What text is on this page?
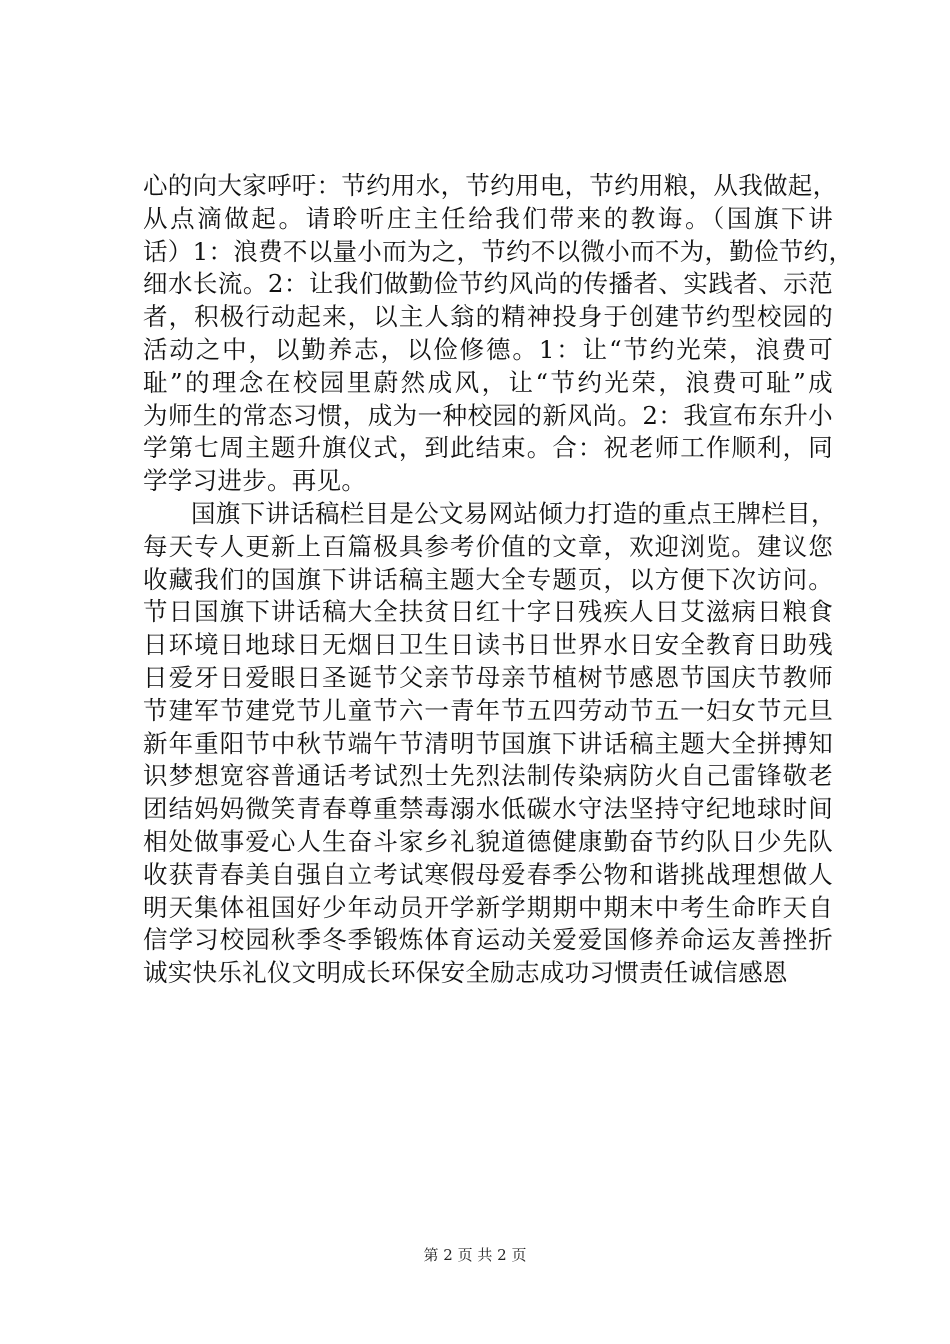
心的向大家呼吁：节约用水，节约用电，节约用粮，从我做起，
从点滴做起。请聆听庄主任给我们带来的教诲。（国旗下讲
话）1：浪费不以量小而为之，节约不以微小而不为，勤俭节约，
细水长流。2：让我们做勤俭节约风尚的传播者、实践者、示范
者，积极行动起来，以主人翁的精神投身于创建节约型校园的
活动之中，以勤养志，以俭修德。1：让“节约光荣，浪费可
耻”的理念在校园里蔚然成风，让“节约光荣，浪费可耻”成
为师生的常态习惯，成为一种校园的新风尚。2：我宣布东升小
学第七周主题升旗仪式，到此结束。合：祝老师工作顺利，同
学学习进步。再见。
国旗下讲话稿栏目是公文易网站倾力打造的重点王牌栏目，
每天专人更新上百篇极具参考价值的文章，欢迎浏览。建议您
收藏我们的国旗下讲话稿主题大全专题页，以方便下次访问。
节日国旗下讲话稿大全扶贫日红十字日残疾人日艾滋病日粮食
日环境日地球日无烟日卫生日读书日世界水日安全教育日助残
日爱牙日爱眼日圣诞节父亲节母亲节植树节感恩节国庆节教师
节建军节建党节儿童节六一青年节五四劳动节五一妇女节元旦
新年重阳节中秋节端午节清明节国旗下讲话稿主题大全拼搏知
识梦想宽容普通话考试烈士先烈法制传染病防火自己雷锋敬老
团结妈妈微笑青春尊重禁毒溺水低碳水守法坚持守纪地球时间
相处做事爱心人生奋斗家乡礼貌道德健康勤奋节约队日少先队
收获青春美自强自立考试寒假母爱春季公物和谐挑战理想做人
明天集体祖国好少年动员开学新学期期中期末中考生命昨天自
信学习校园秋季冬季锻炼体育运动关爱爱国修养命运友善挫折
诚实快乐礼仪文明成长环保安全励志成功习惯责任诚信感恩
第 2 页 共 2 页
